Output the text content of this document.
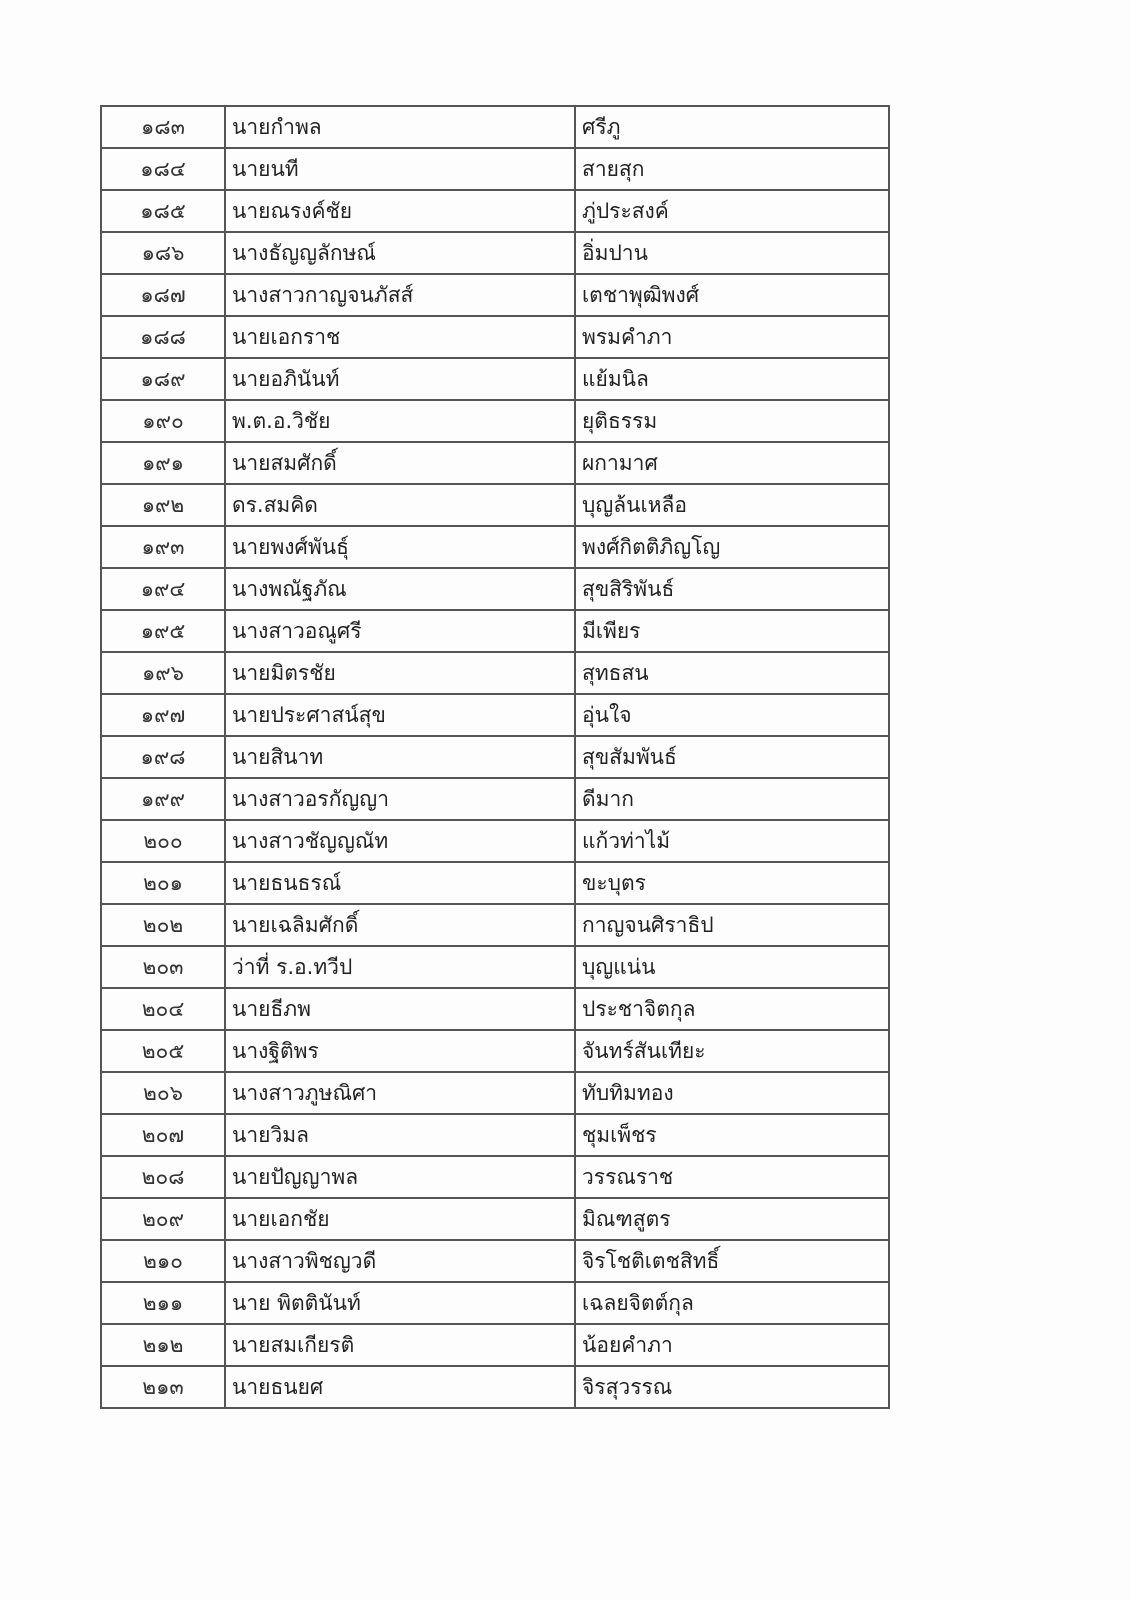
๑๘๓	นายกำพล	ศรีภู
๑๘๔	นายนที	สายสุก
๑๘๕	นายณรงค์ชัย	ภู่ประสงค์
๑๘๖	นางธัญญลักษณ์	อิ่มปาน
๑๘๗	นางสาวกาญจนภัสส์	เตชาพุฒิพงศ์
๑๘๘	นายเอกราช	พรมคำภา
๑๘๙	นายอภินันท์	แย้มนิล
๑๙๐	พ.ต.อ.วิชัย	ยุติธรรม
๑๙๑	นายสมศักดิ์	ผกามาศ
๑๙๒	ดร.สมคิด	บุญล้นเหลือ
๑๙๓	นายพงศ์พันธุ์	พงศ์กิตติภิญโญ
๑๙๔	นางพณัฐภัณ	สุขสิริพันธ์
๑๙๕	นางสาวอณูศรี	มีเพียร
๑๙๖	นายมิตรชัย	สุทธสน
๑๙๗	นายประศาสน์สุข	อุ่นใจ
๑๙๘	นายสินาท	สุขสัมพันธ์
๑๙๙	นางสาวอรกัญญา	ดีมาก
๒๐๐	นางสาวชัญญณัท	แก้วท่าไม้
๒๐๑	นายธนธรณ์	ขะบุตร
๒๐๒	นายเฉลิมศักดิ์	กาญจนศิราธิป
๒๐๓	ว่าที่ ร.อ.ทวีป	บุญแน่น
๒๐๔	นายธีภพ	ประชาจิตกุล
๒๐๕	นางฐิติพร	จันทร์สันเทียะ
๒๐๖	นางสาวภูษณิศา	ทับทิมทอง
๒๐๗	นายวิมล	ชุมเพ็ชร
๒๐๘	นายปัญญาพล	วรรณราช
๒๐๙	นายเอกชัย	มิณฑสูตร
๒๑๐	นางสาวพิชญวดี	จิรโชติเตชสิทธิ์
๒๑๑	นาย พิตตินันท์	เฉลยจิตต์กุล
๒๑๒	นายสมเกียรติ	น้อยคำภา
๒๑๓	นายธนยศ	จิรสุวรรณ
